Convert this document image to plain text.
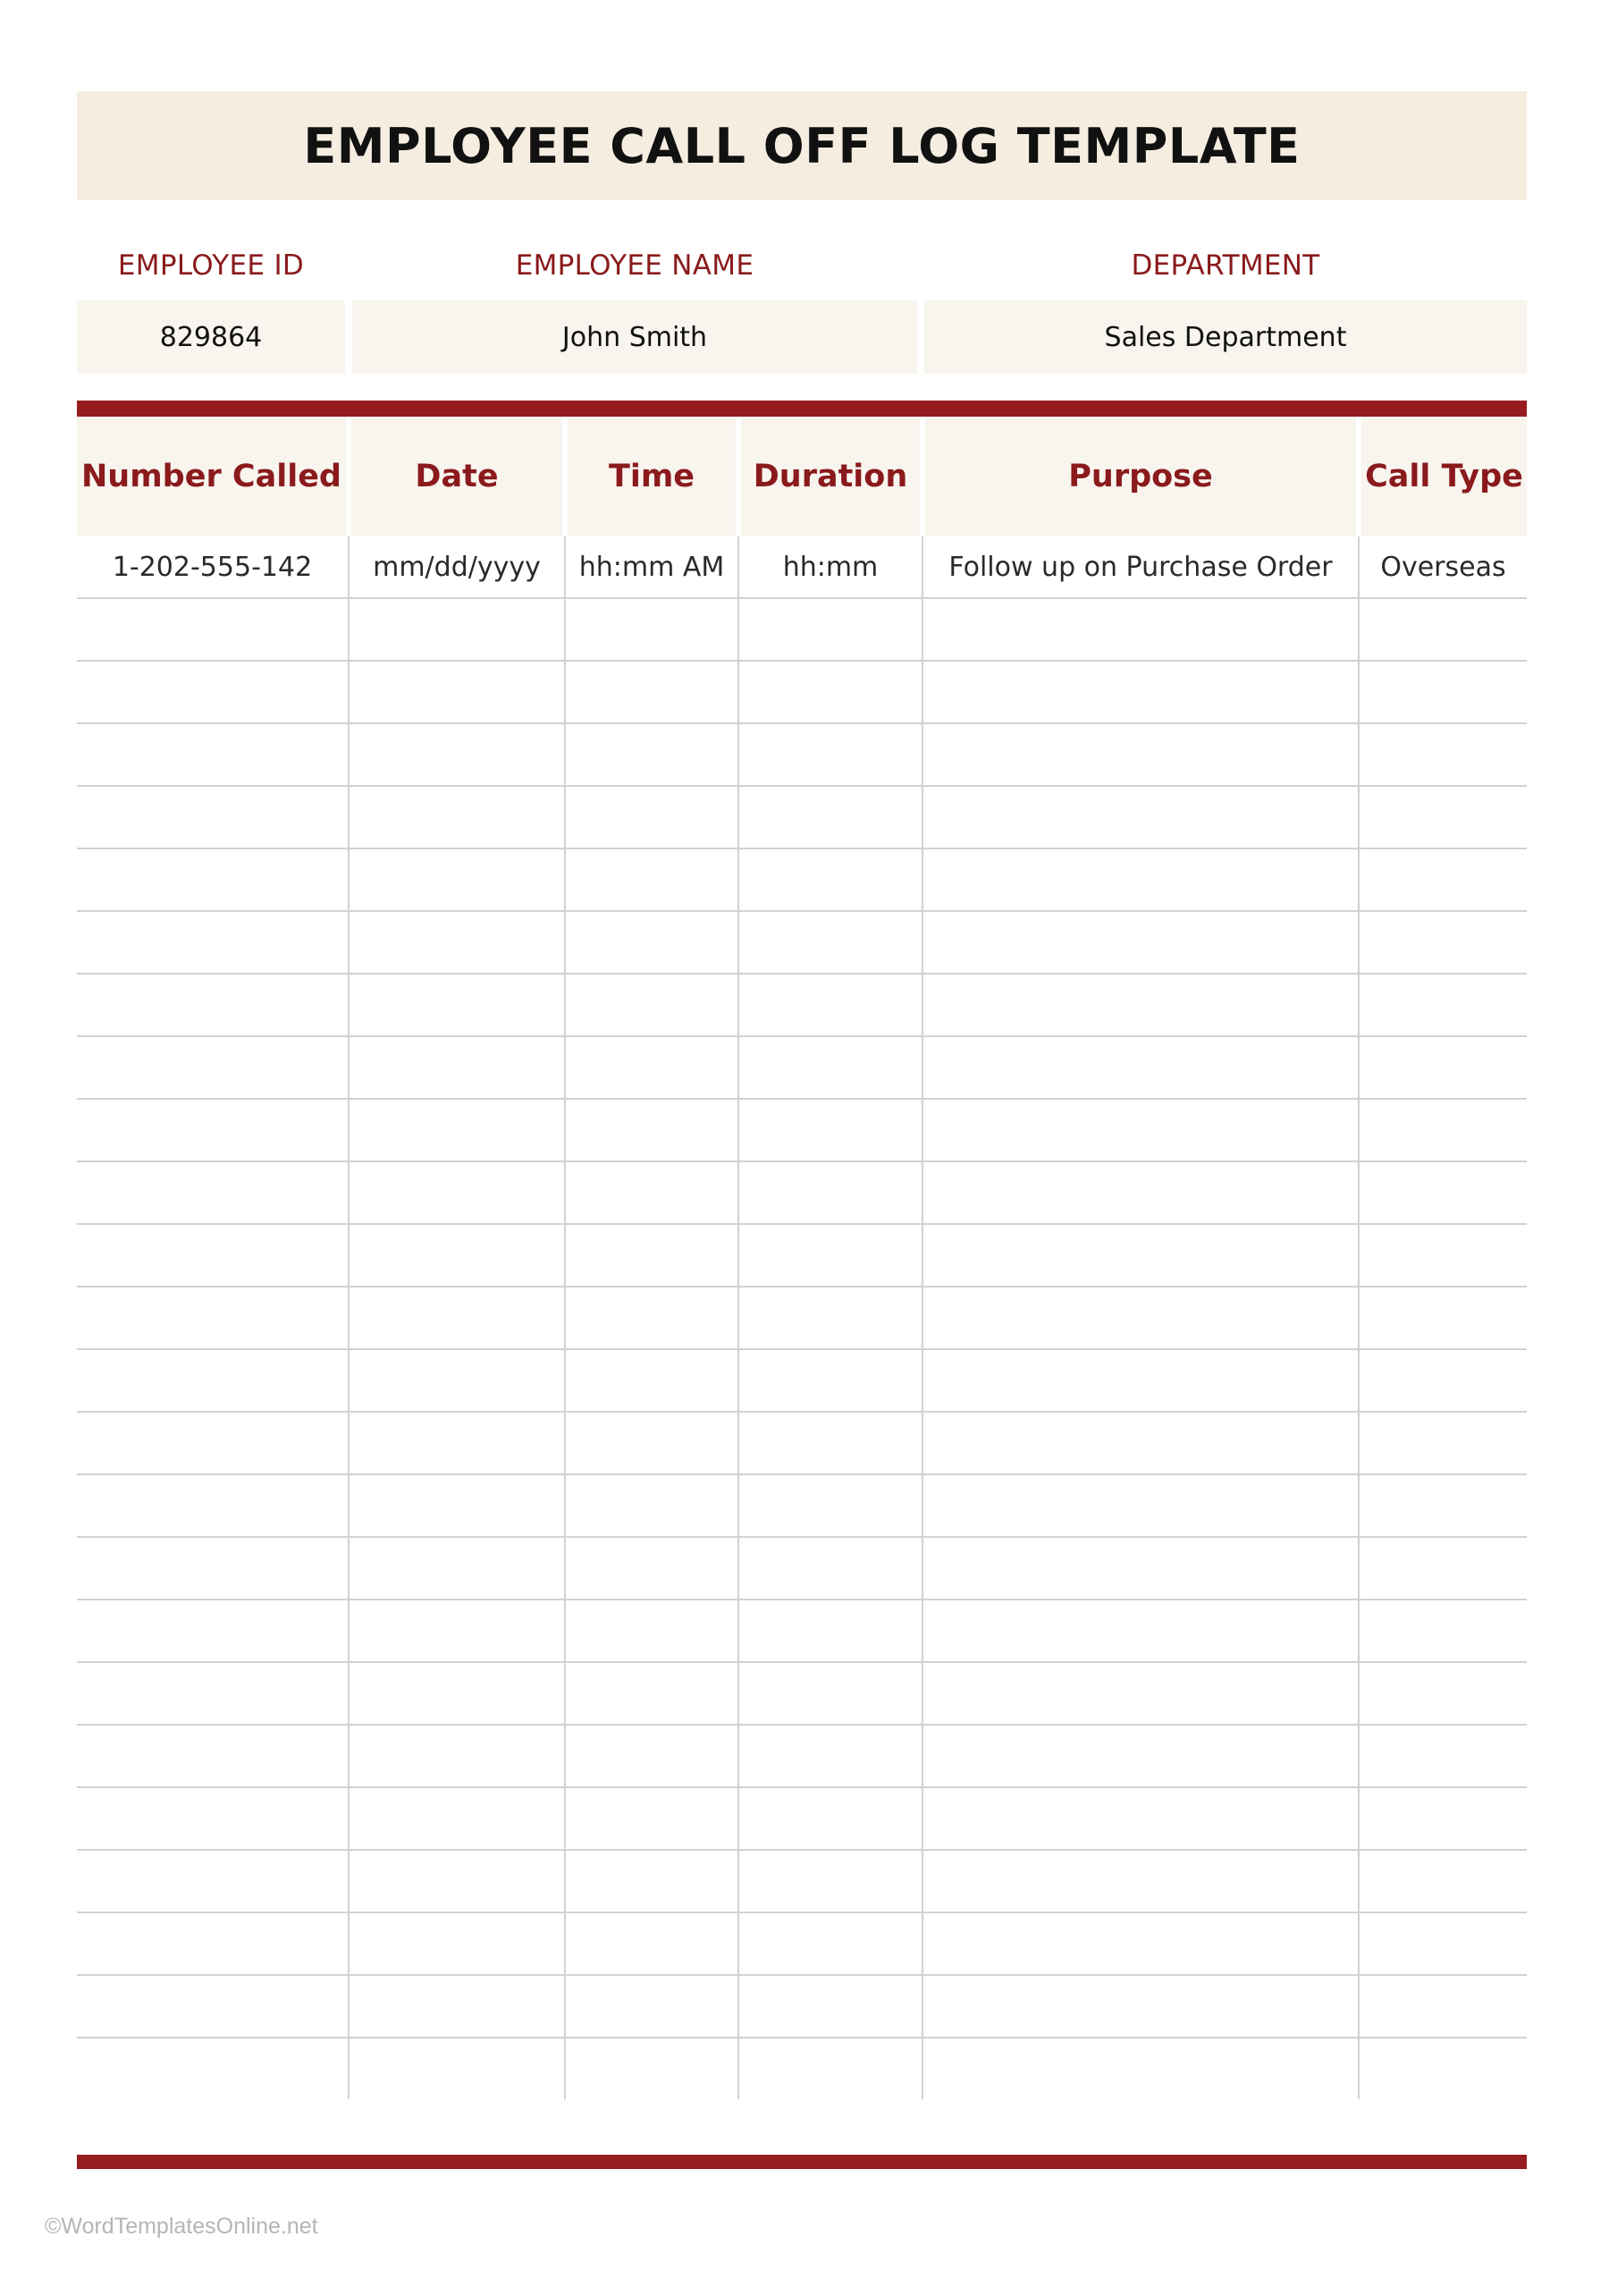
EMPLOYEE CALL OFF LOG TEMPLATE
EMPLOYEE ID	EMPLOYEE NAME	DEPARTMENT
829864	John Smith	Sales Department
Number Called	Date	Time	Duration	Purpose	Call Type
1-202-555-142	mm/dd/yyyy	hh:mm AM	hh:mm	Follow up on Purchase Order	Overseas

©WordTemplatesOnline.net
